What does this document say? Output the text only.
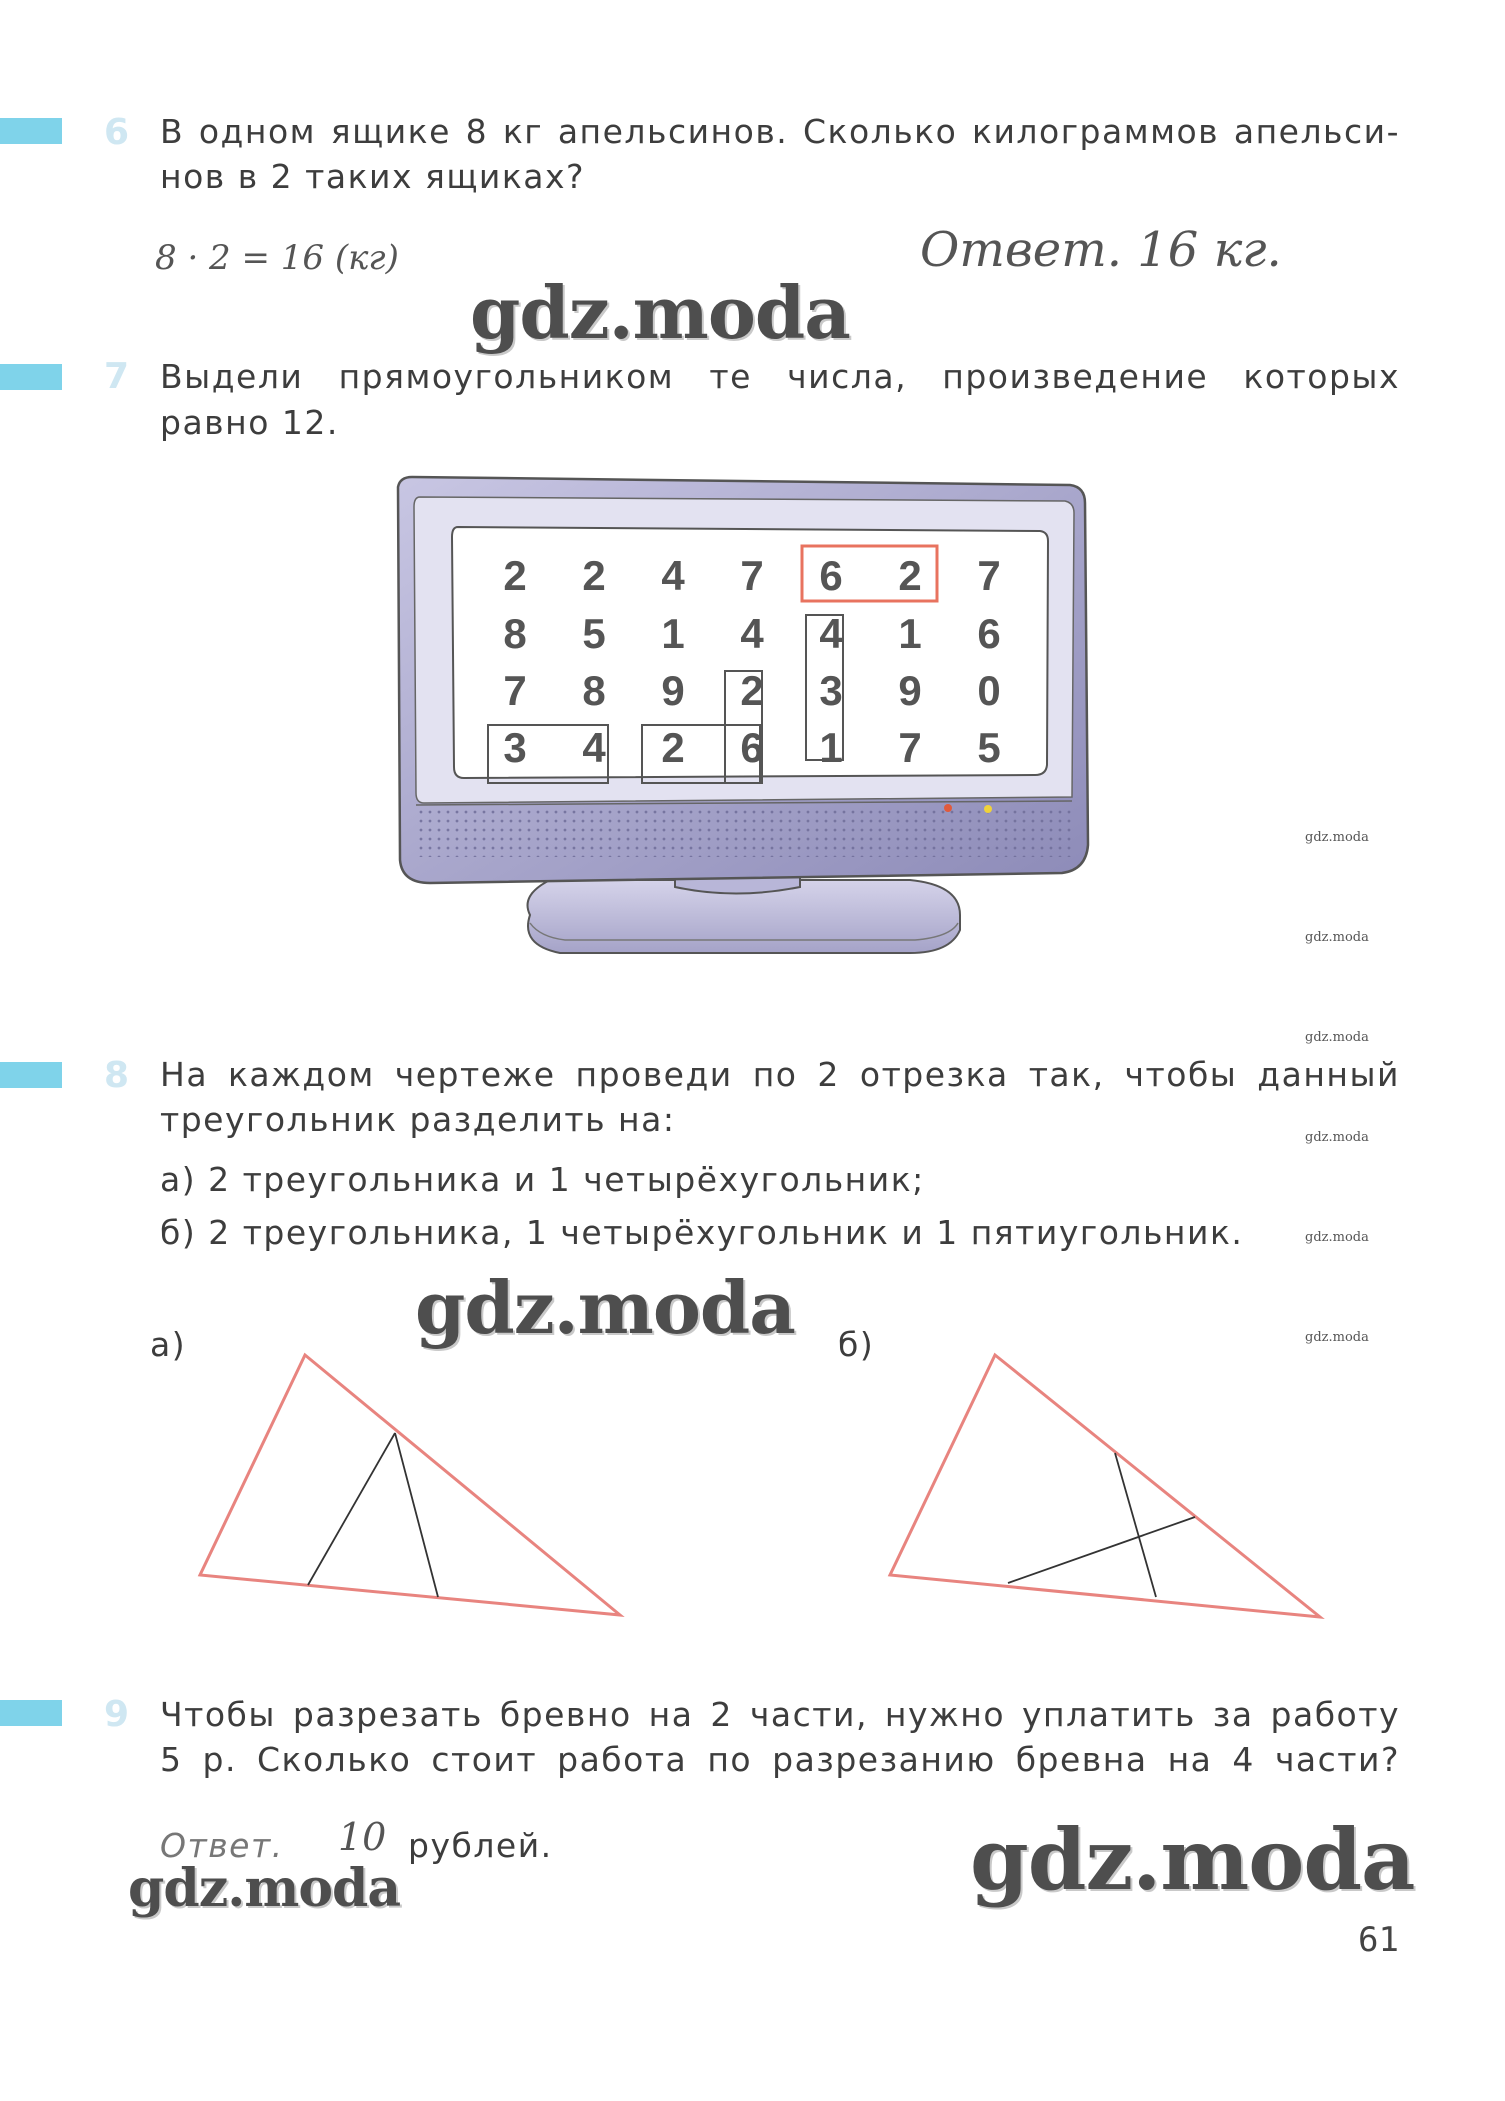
6 В одном ящике 8 кг апельсинов. Сколько килограммов апельси-
нов в 2 таких ящиках?
8 · 2 = 16 (кг)	Ответ. 16 кг.
gdz.moda
7 Выдели прямоугольником те числа, произведение которых
равно 12.
2	2	4	7	6	2	7
8	5	1	4	4	1	6
7	8	9	2	3	9	0
3	4	2	6	1	7	5
gdz.moda
gdz.moda
gdz.moda
gdz.moda
gdz.moda
gdz.moda
8 На каждом чертеже проведи по 2 отрезка так, чтобы данный
треугольник разделить на:
а) 2 треугольника и 1 четырёхугольник;
б) 2 треугольника, 1 четырёхугольник и 1 пятиугольник.
gdz.moda
а)	б)
9 Чтобы разрезать бревно на 2 части, нужно уплатить за работу
5 р. Сколько стоит работа по разрезанию бревна на 4 части?
Ответ. 10 рублей.
gdz.moda	gdz.moda
61
